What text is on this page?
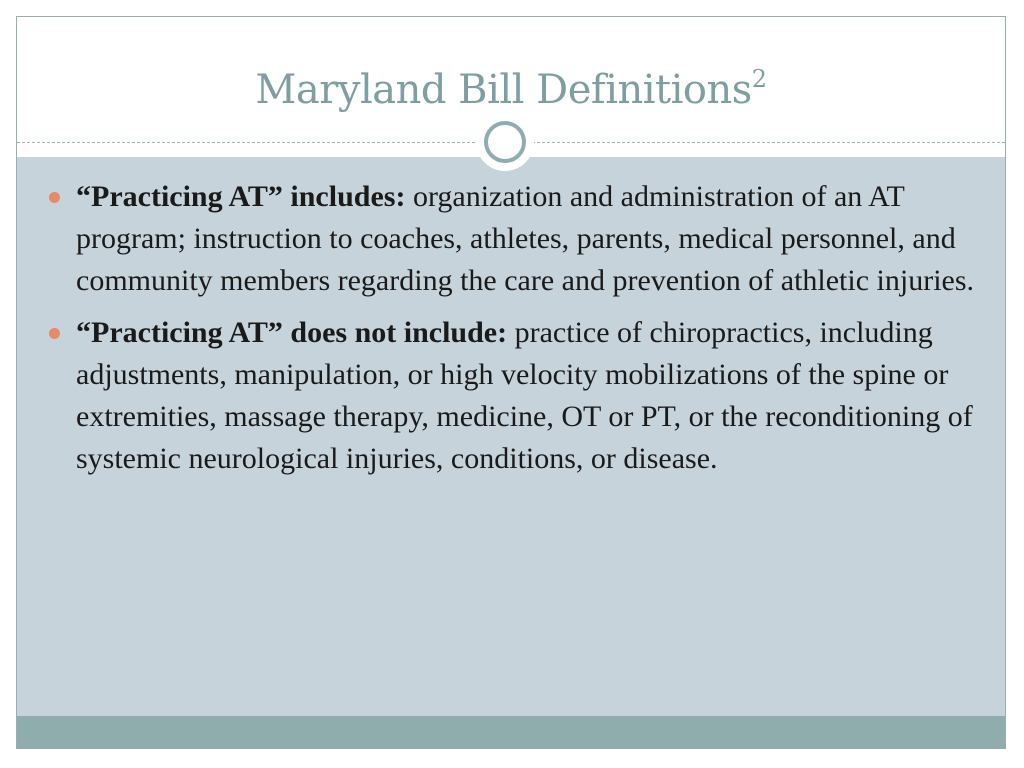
Maryland Bill Definitions$^2$
“Practicing AT” includes: organization and administration of an AT program; instruction to coaches, athletes, parents, medical personnel, and community members regarding the care and prevention of athletic injuries.
“Practicing AT” does not include: practice of chiropractics, including adjustments, manipulation, or high velocity mobilizations of the spine or extremities, massage therapy, medicine, OT or PT, or the reconditioning of systemic neurological injuries, conditions, or disease.
